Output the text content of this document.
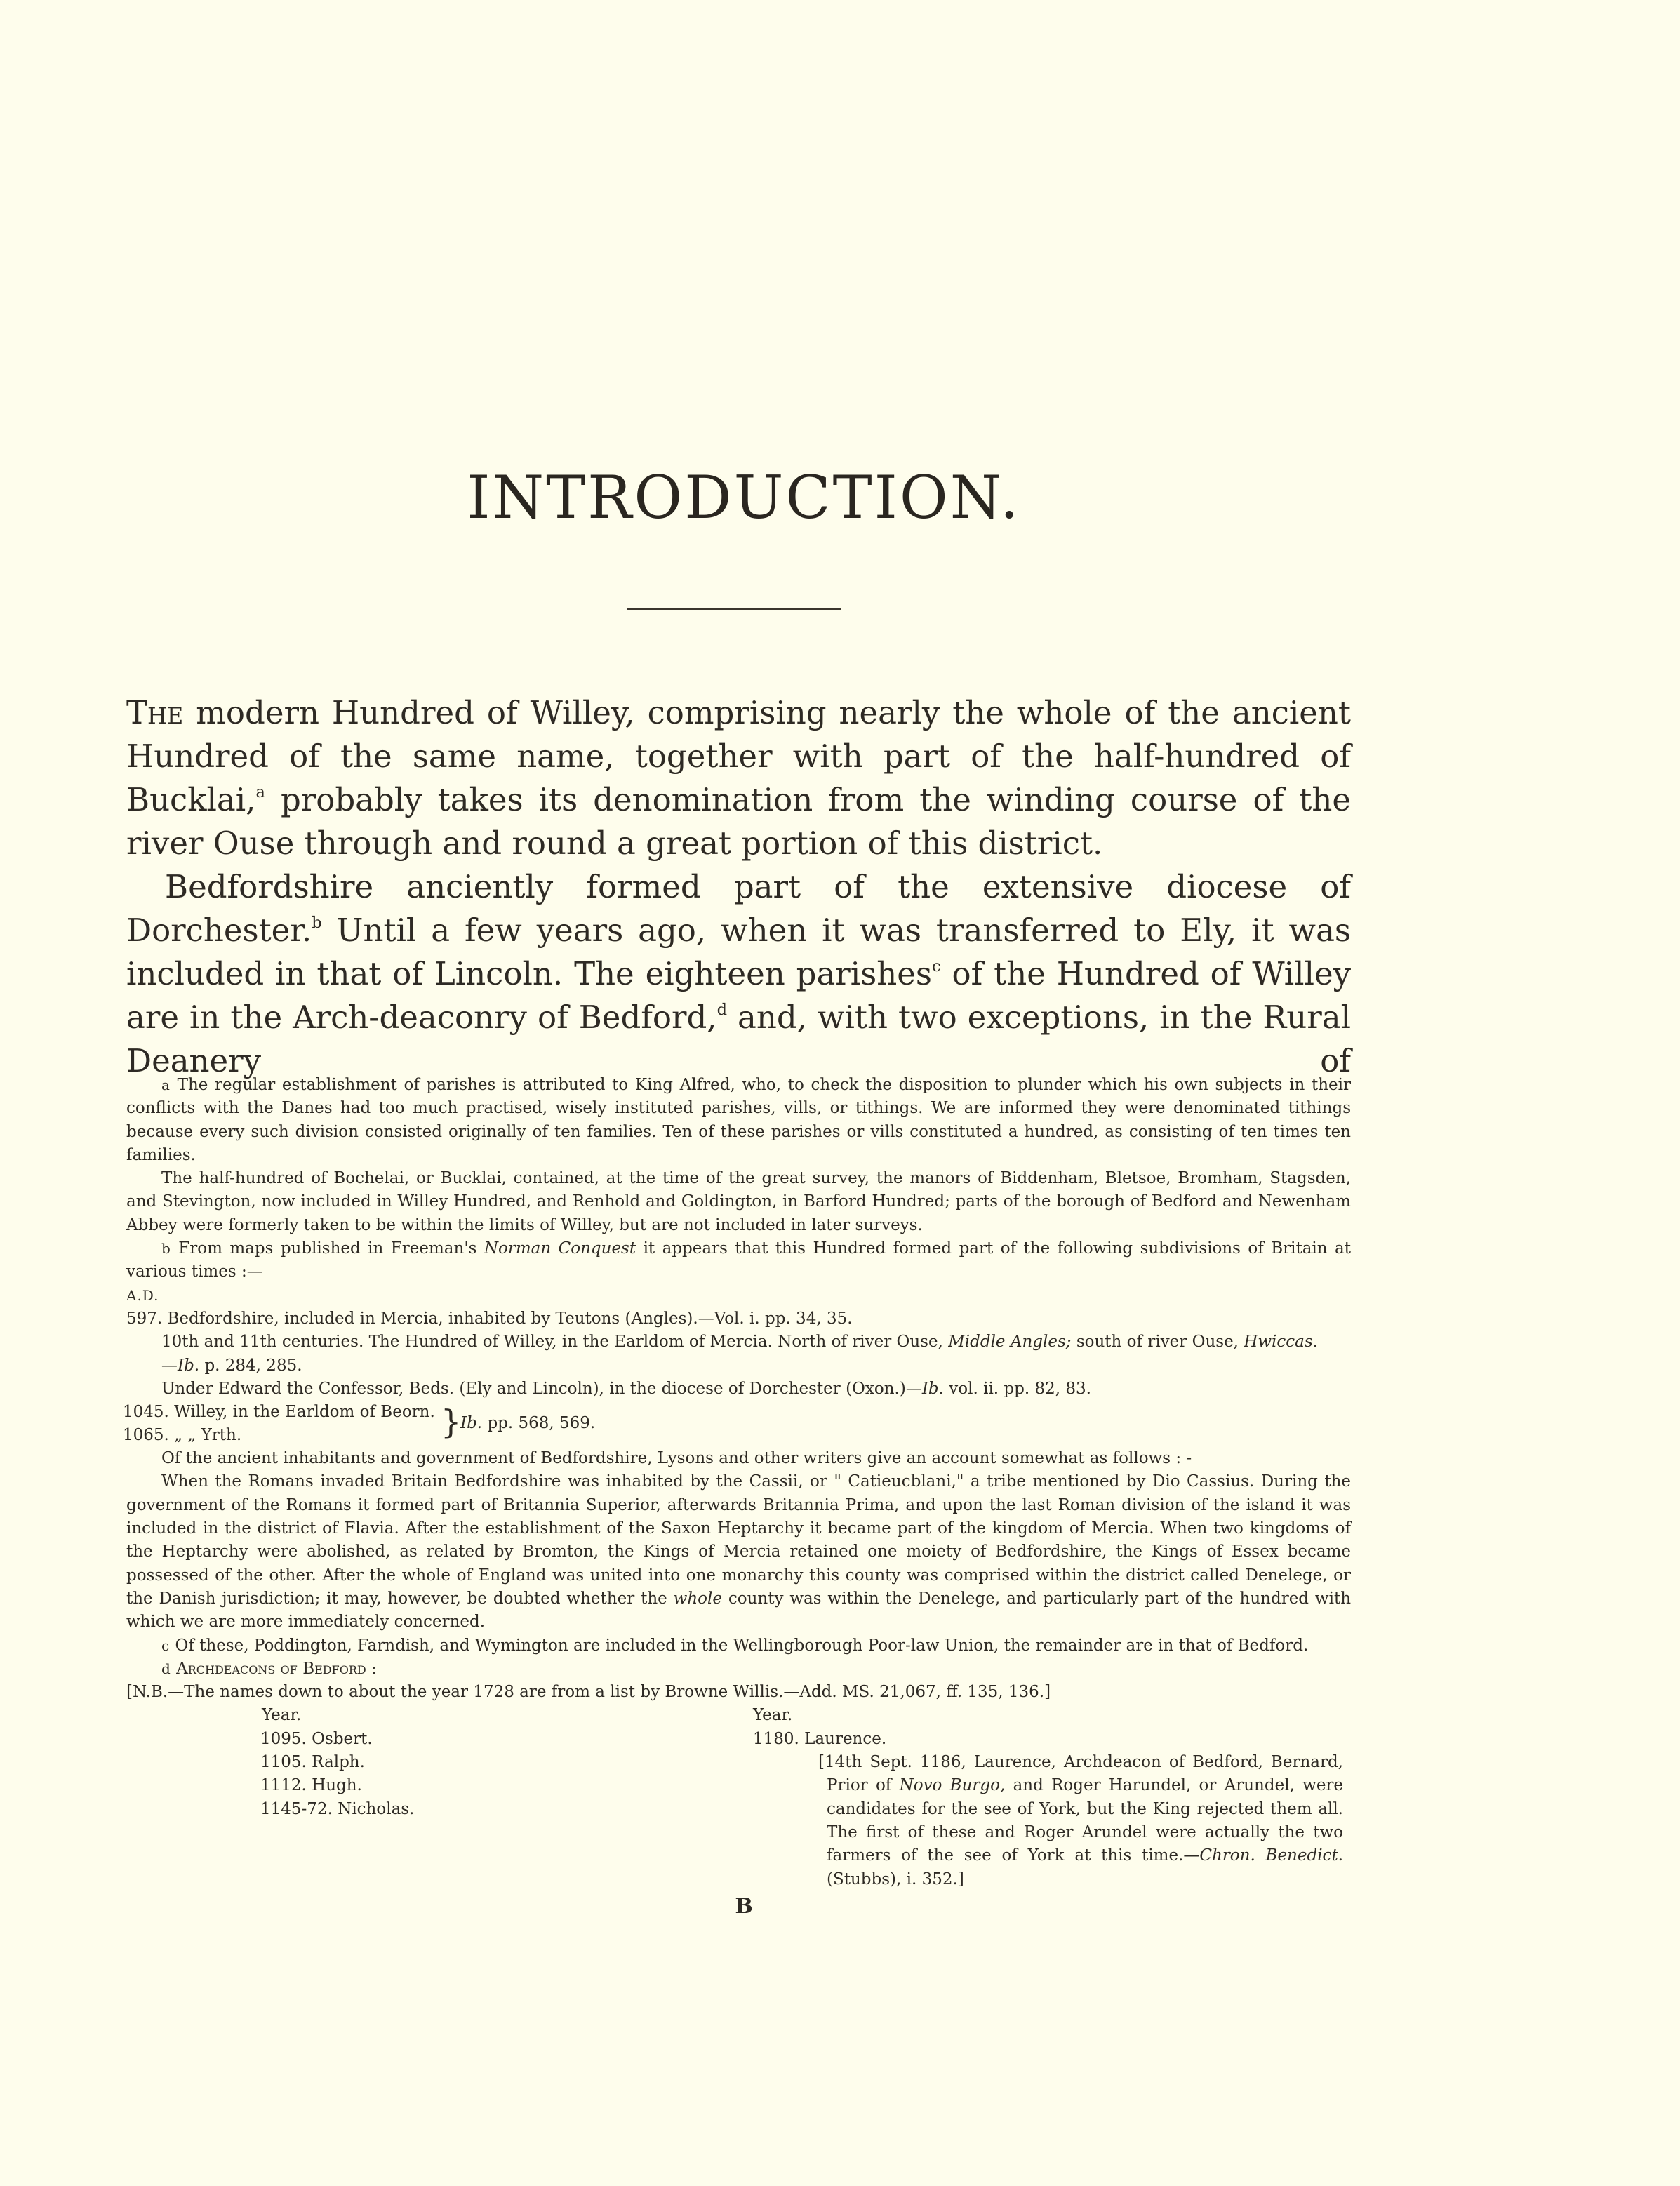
INTRODUCTION.

The modern Hundred of Willey, comprising nearly the whole of the ancient Hundred of the same name, together with part of the half-hundred of Bucklai,$^a$ probably takes its denomination from the winding course of the river Ouse through and round a great portion of this district.

Bedfordshire anciently formed part of the extensive diocese of Dorchester.$^b$ Until a few years ago, when it was transferred to Ely, it was included in that of Lincoln. The eighteen parishes$^c$ of the Hundred of Willey are in the Arch-deaconry of Bedford,$^d$ and, with two exceptions, in the Rural Deanery of

a The regular establishment of parishes is attributed to King Alfred, who, to check the disposition to plunder which his own subjects in their conflicts with the Danes had too much practised, wisely instituted parishes, vills, or tithings. We are informed they were denominated tithings because every such division consisted originally of ten families. Ten of these parishes or vills constituted a hundred, as consisting of ten times ten families.

The half-hundred of Bochelai, or Bucklai, contained, at the time of the great survey, the manors of Biddenham, Bletsoe, Bromham, Stagsden, and Stevington, now included in Willey Hundred, and Renhold and Goldington, in Barford Hundred; parts of the borough of Bedford and Newenham Abbey were formerly taken to be within the limits of Willey, but are not included in later surveys.

b From maps published in Freeman's Norman Conquest it appears that this Hundred formed part of the following subdivisions of Britain at various times :—

A.D.

597. Bedfordshire, included in Mercia, inhabited by Teutons (Angles).—Vol. i. pp. 34, 35.

10th and 11th centuries. The Hundred of Willey, in the Earldom of Mercia. North of river Ouse, Middle Angles; south of river Ouse, Hwiccas.

—Ib. p. 284, 285.

Under Edward the Confessor, Beds. (Ely and Lincoln), in the diocese of Dorchester (Oxon.)—Ib. vol. ii. pp. 82, 83.

1045. Willey, in the Earldom of Beorn.
1065. „ „ Yrth.	}
Ib. pp. 568, 569.

Of the ancient inhabitants and government of Bedfordshire, Lysons and other writers give an account somewhat as follows : -

When the Romans invaded Britain Bedfordshire was inhabited by the Cassii, or " Catieucblani," a tribe mentioned by Dio Cassius. During the government of the Romans it formed part of Britannia Superior, afterwards Britannia Prima, and upon the last Roman division of the island it was included in the district of Flavia. After the establishment of the Saxon Heptarchy it became part of the kingdom of Mercia. When two kingdoms of the Heptarchy were abolished, as related by Bromton, the Kings of Mercia retained one moiety of Bedfordshire, the Kings of Essex became possessed of the other. After the whole of England was united into one monarchy this county was comprised within the district called Denelege, or the Danish jurisdiction; it may, however, be doubted whether the whole county was within the Denelege, and particularly part of the hundred with which we are more immediately concerned.

c Of these, Poddington, Farndish, and Wymington are included in the Wellingborough Poor-law Union, the remainder are in that of Bedford.

d Archdeacons of Bedford :

[N.B.—The names down to about the year 1728 are from a list by Browne Willis.—Add. MS. 21,067, ff. 135, 136.]

Year.
1095. Osbert.
1105. Ralph.
1112. Hugh.
1145-72. Nicholas.
Year.
1180. Laurence.
[14th Sept. 1186, Laurence, Archdeacon of Bedford, Bernard, Prior of Novo Burgo, and Roger Harundel, or Arundel, were candidates for the see of York, but the King rejected them all. The first of these and Roger Arundel were actually the two farmers of the see of York at this time.—Chron. Benedict. (Stubbs), i. 352.]
B
